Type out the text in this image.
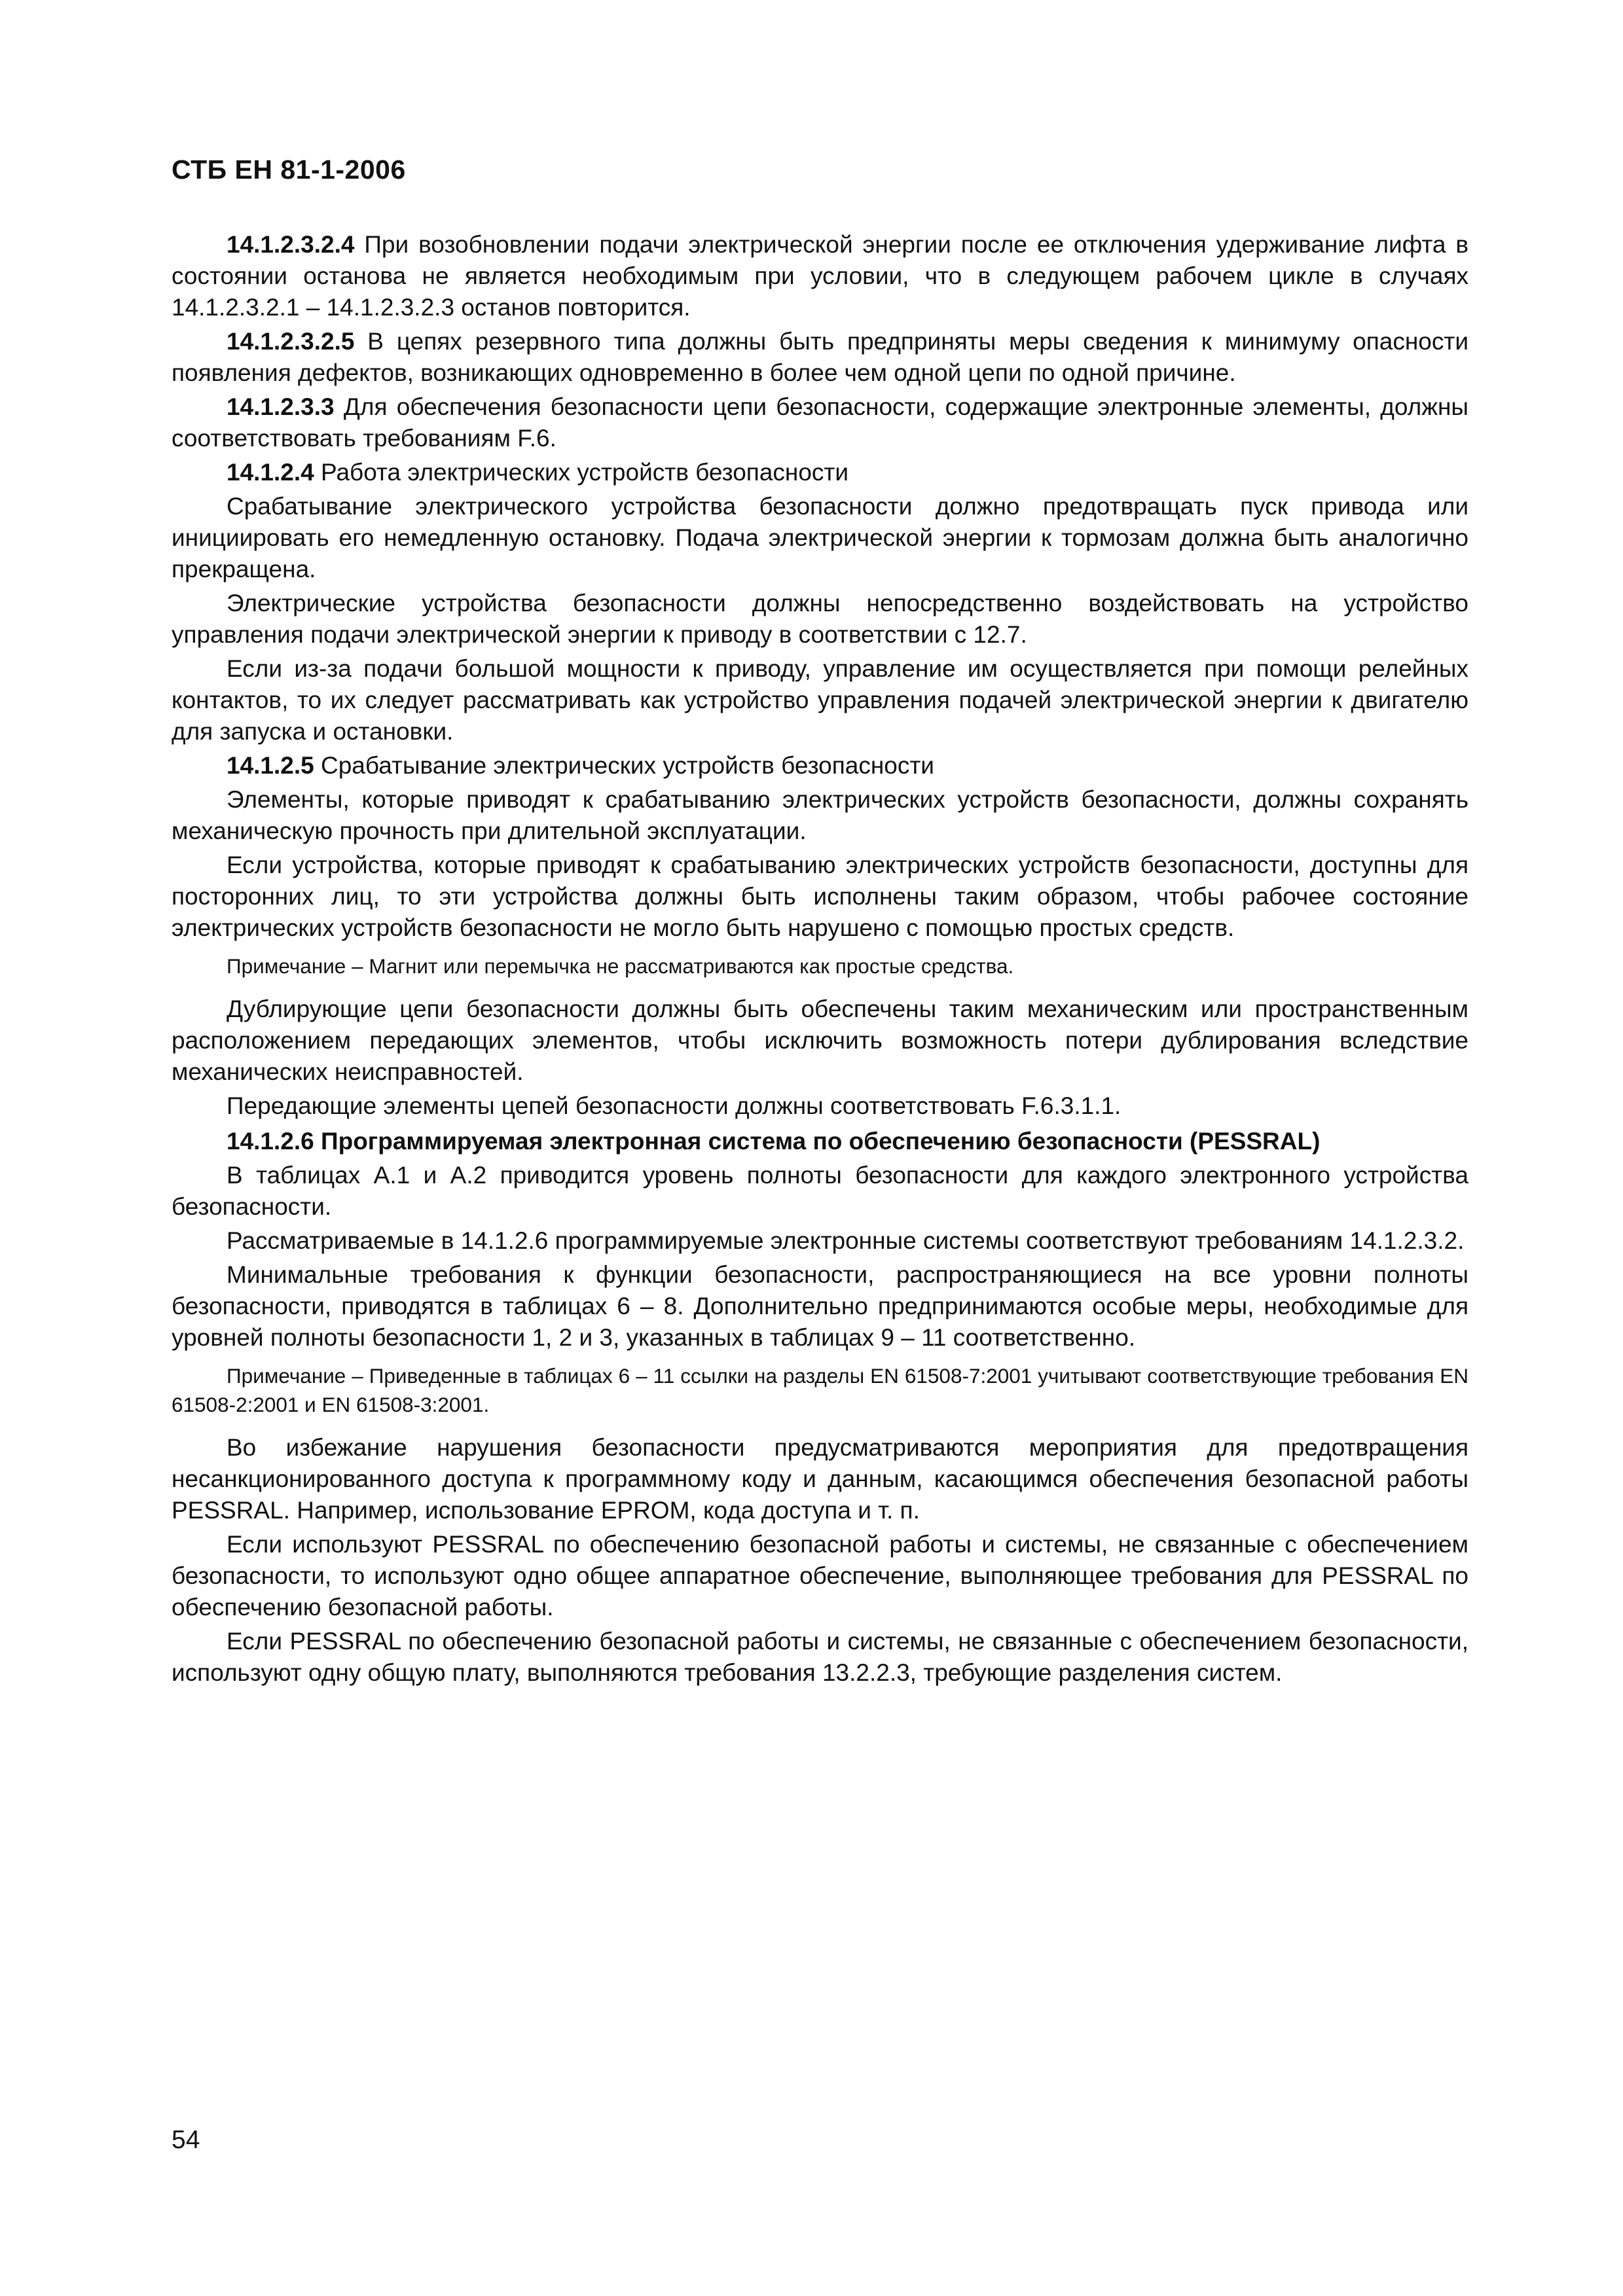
СТБ ЕН 81-1-2006

14.1.2.3.2.4 При возобновлении подачи электрической энергии после ее отключения удерживание лифта в состоянии останова не является необходимым при условии, что в следующем рабочем цикле в случаях 14.1.2.3.2.1 – 14.1.2.3.2.3 останов повторится.

14.1.2.3.2.5 В цепях резервного типа должны быть предприняты меры сведения к минимуму опасности появления дефектов, возникающих одновременно в более чем одной цепи по одной причине.

14.1.2.3.3 Для обеспечения безопасности цепи безопасности, содержащие электронные элементы, должны соответствовать требованиям F.6.

14.1.2.4 Работа электрических устройств безопасности

Срабатывание электрического устройства безопасности должно предотвращать пуск привода или инициировать его немедленную остановку. Подача электрической энергии к тормозам должна быть аналогично прекращена.

Электрические устройства безопасности должны непосредственно воздействовать на устройство управления подачи электрической энергии к приводу в соответствии с 12.7.

Если из-за подачи большой мощности к приводу, управление им осуществляется при помощи релейных контактов, то их следует рассматривать как устройство управления подачей электрической энергии к двигателю для запуска и остановки.

14.1.2.5 Срабатывание электрических устройств безопасности

Элементы, которые приводят к срабатыванию электрических устройств безопасности, должны сохранять механическую прочность при длительной эксплуатации.

Если устройства, которые приводят к срабатыванию электрических устройств безопасности, доступны для посторонних лиц, то эти устройства должны быть исполнены таким образом, чтобы рабочее состояние электрических устройств безопасности не могло быть нарушено с помощью простых средств.

Примечание – Магнит или перемычка не рассматриваются как простые средства.

Дублирующие цепи безопасности должны быть обеспечены таким механическим или пространственным расположением передающих элементов, чтобы исключить возможность потери дублирования вследствие механических неисправностей.

Передающие элементы цепей безопасности должны соответствовать F.6.3.1.1.

14.1.2.6 Программируемая электронная система по обеспечению безопасности (PESSRAL)

В таблицах А.1 и А.2 приводится уровень полноты безопасности для каждого электронного устройства безопасности.

Рассматриваемые в 14.1.2.6 программируемые электронные системы соответствуют требованиям 14.1.2.3.2.

Минимальные требования к функции безопасности, распространяющиеся на все уровни полноты безопасности, приводятся в таблицах 6 – 8. Дополнительно предпринимаются особые меры, необходимые для уровней полноты безопасности 1, 2 и 3, указанных в таблицах 9 – 11 соответственно.

Примечание – Приведенные в таблицах 6 – 11 ссылки на разделы EN 61508-7:2001 учитывают соответствующие требования EN 61508-2:2001 и EN 61508-3:2001.

Во избежание нарушения безопасности предусматриваются мероприятия для предотвращения несанкционированного доступа к программному коду и данным, касающимся обеспечения безопасной работы PESSRAL. Например, использование EPROM, кода доступа и т. п.

Если используют PESSRAL по обеспечению безопасной работы и системы, не связанные с обеспечением безопасности, то используют одно общее аппаратное обеспечение, выполняющее требования для PESSRAL по обеспечению безопасной работы.

Если PESSRAL по обеспечению безопасной работы и системы, не связанные с обеспечением безопасности, используют одну общую плату, выполняются требования 13.2.2.3, требующие разделения систем.

54
